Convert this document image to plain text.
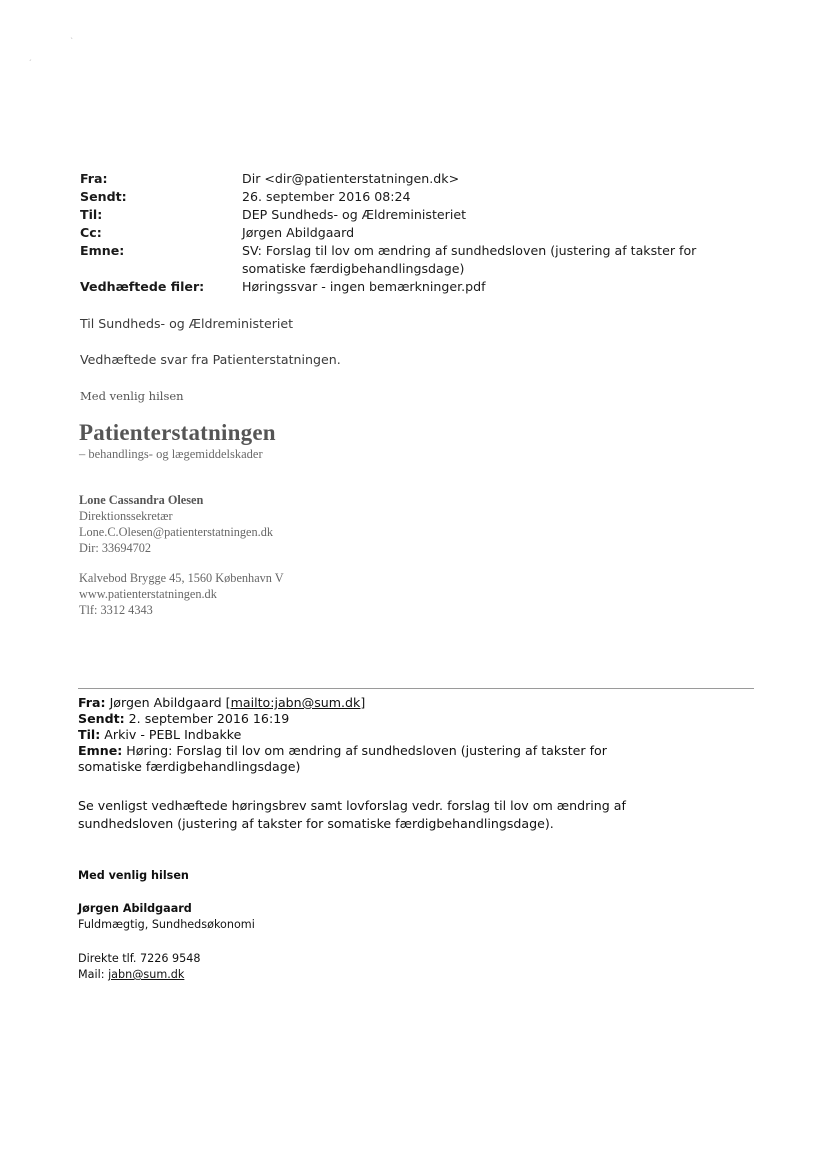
ˎ
ˏ
Fra:	Dir <dir@patienterstatningen.dk>
Sendt:	26. september 2016 08:24
Til:	DEP Sundheds- og Ældreministeriet
Cc:	Jørgen Abildgaard
Emne:	SV: Forslag til lov om ændring af sundhedsloven (justering af takster for somatiske færdigbehandlingsdage)
Vedhæftede filer:	Høringssvar - ingen bemærkninger.pdf
Til Sundheds- og Ældreministeriet
Vedhæftede svar fra Patienterstatningen.
Med venlig hilsen
Patienterstatningen
– behandlings- og lægemiddelskader
Lone Cassandra Olesen
Direktionssekretær
Lone.C.Olesen@patienterstatningen.dk
Dir: 33694702
Kalvebod Brygge 45, 1560 København V
www.patienterstatningen.dk
Tlf: 3312 4343
Fra: Jørgen Abildgaard [mailto:jabn@sum.dk]
Sendt: 2. september 2016 16:19
Til: Arkiv - PEBL Indbakke
Emne: Høring: Forslag til lov om ændring af sundhedsloven (justering af takster for somatiske færdigbehandlingsdage)
Se venligst vedhæftede høringsbrev samt lovforslag vedr. forslag til lov om ændring af sundhedsloven (justering af takster for somatiske færdigbehandlingsdage).
Med venlig hilsen
Jørgen Abildgaard
Fuldmægtig, Sundhedsøkonomi
Direkte tlf. 7226 9548
Mail: jabn@sum.dk
